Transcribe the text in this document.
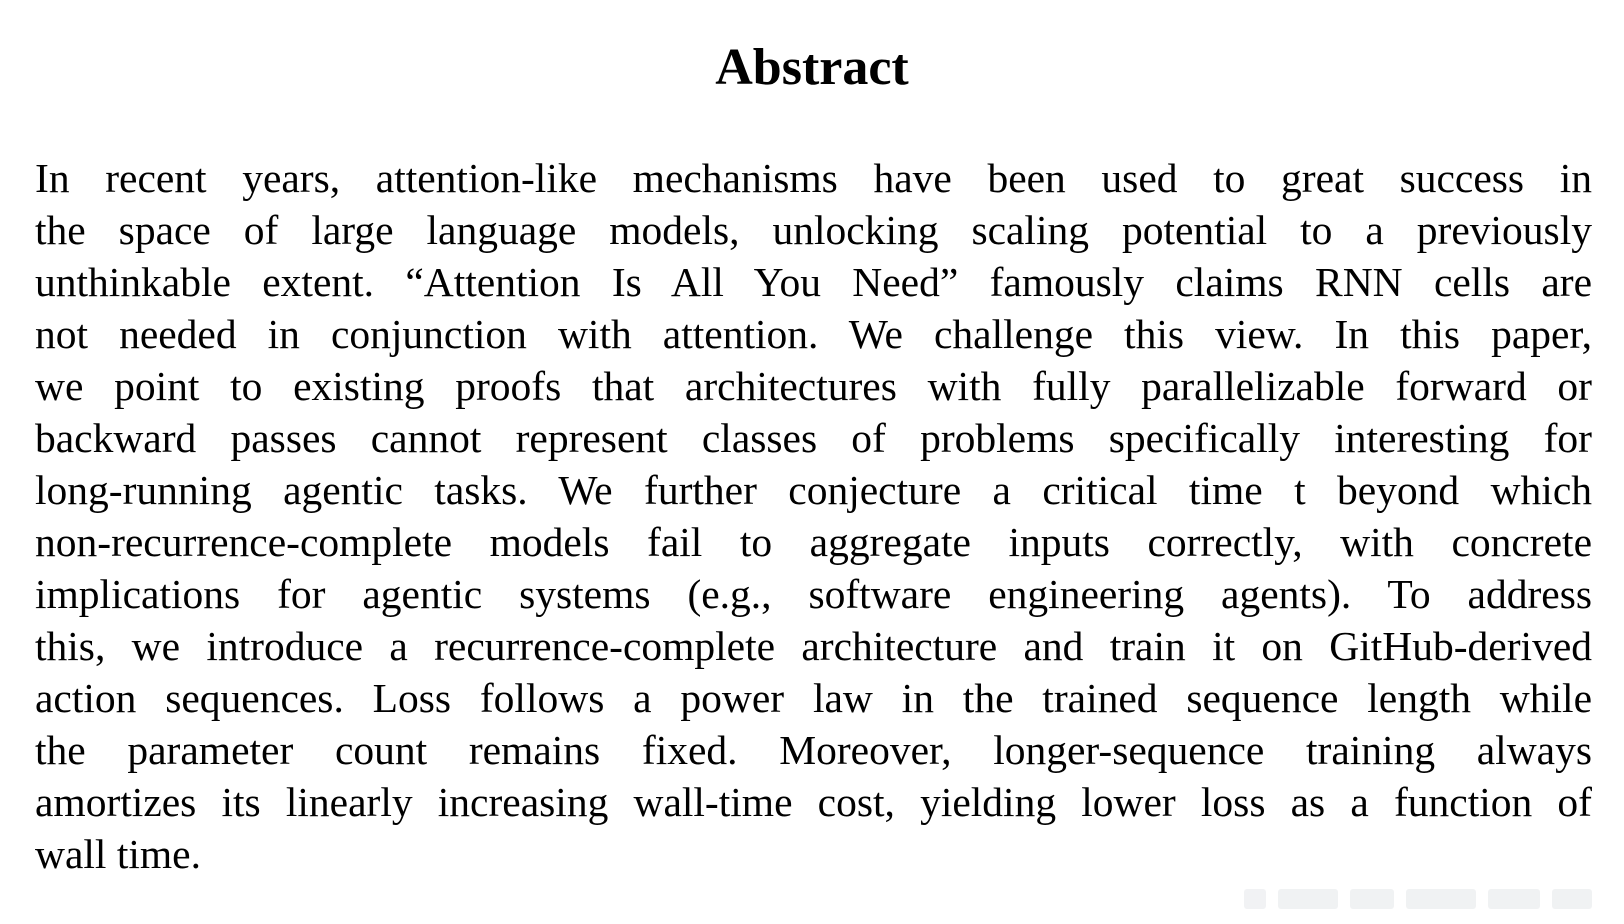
Abstract
In recent years, attention-like mechanisms have been used to great success in
the space of large language models, unlocking scaling potential to a previously
unthinkable extent. “Attention Is All You Need” famously claims RNN cells are
not needed in conjunction with attention. We challenge this view. In this paper,
we point to existing proofs that architectures with fully parallelizable forward or
backward passes cannot represent classes of problems specifically interesting for
long-running agentic tasks. We further conjecture a critical time t beyond which
non-recurrence-complete models fail to aggregate inputs correctly, with concrete
implications for agentic systems (e.g., software engineering agents). To address
this, we introduce a recurrence-complete architecture and train it on GitHub-derived
action sequences. Loss follows a power law in the trained sequence length while
the parameter count remains fixed. Moreover, longer-sequence training always
amortizes its linearly increasing wall-time cost, yielding lower loss as a function of
wall time.
